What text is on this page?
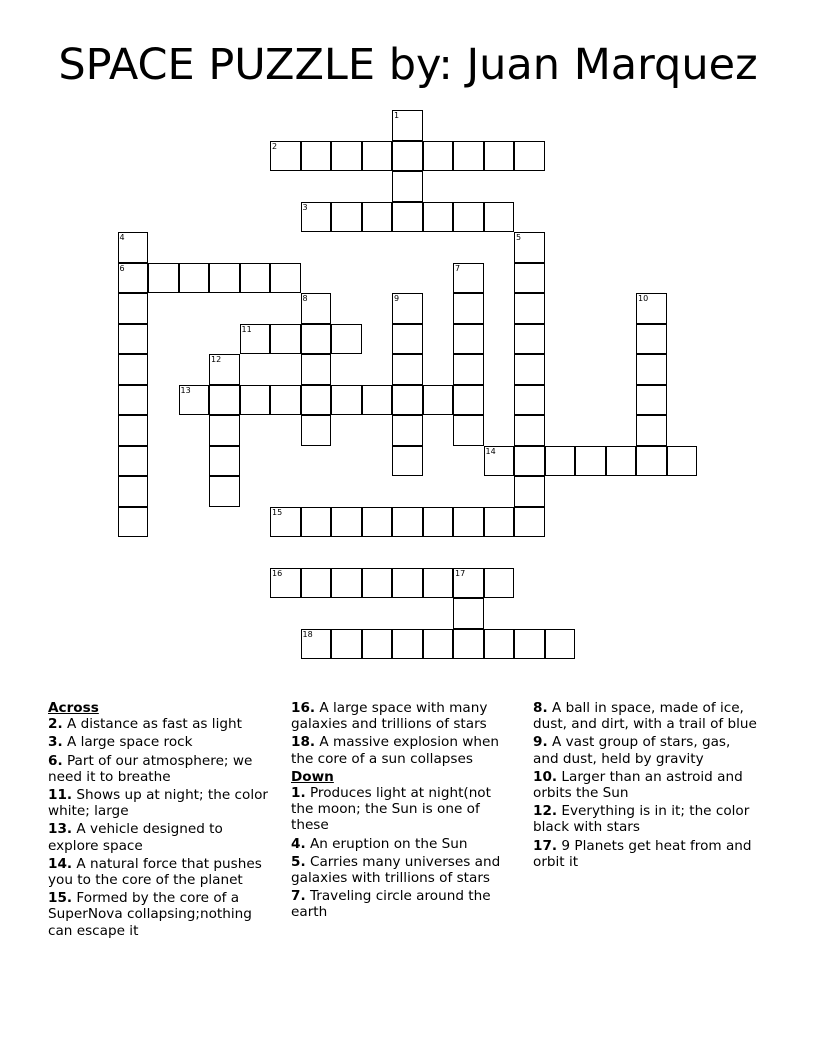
SPACE PUZZLE by: Juan Marquez
1
2
3
4
6
5
7
8	9	10
11
12
13
14
15
16	17
18
Across
2. A distance as fast as light
3. A large space rock
6. Part of our atmosphere; we need it to breathe
11. Shows up at night; the color white; large
13. A vehicle designed to explore space
14. A natural force that pushes you to the core of the planet
15. Formed by the core of a SuperNova collapsing;nothing can escape it
16. A large space with many galaxies and trillions of stars
18. A massive explosion when the core of a sun collapses
Down
1. Produces light at night(not the moon; the Sun is one of these
4. An eruption on the Sun
5. Carries many universes and galaxies with trillions of stars
7. Traveling circle around the earth
8. A ball in space, made of ice, dust, and dirt, with a trail of blue
9. A vast group of stars, gas, and dust, held by gravity
10. Larger than an astroid and orbits the Sun
12. Everything is in it; the color black with stars
17. 9 Planets get heat from and orbit it
